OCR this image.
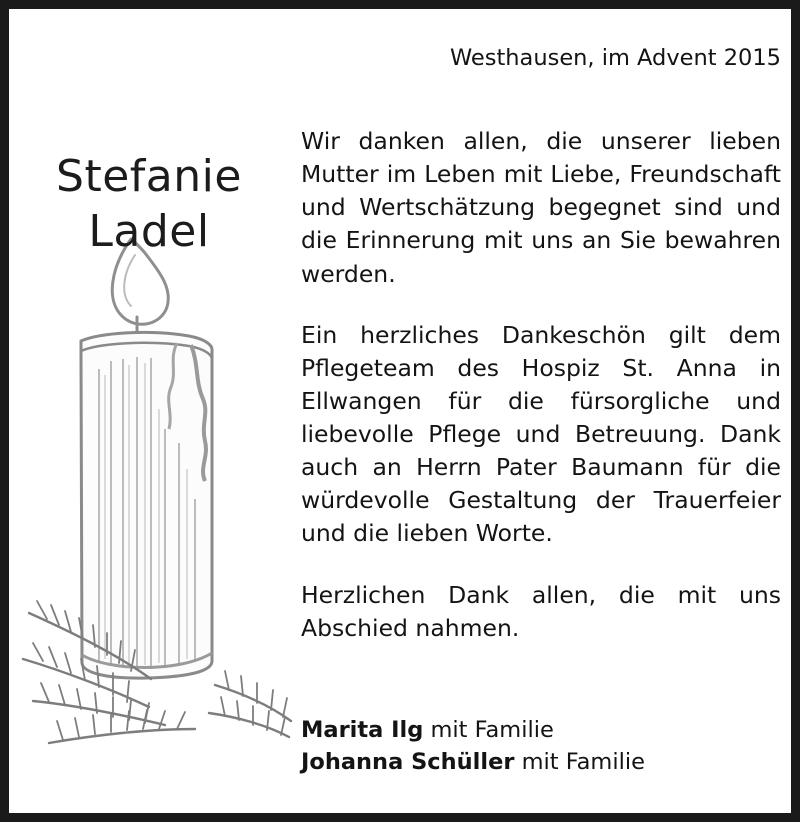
Stefanie
Ladel
Westhausen, im Advent 2015

Wir danken allen, die unserer lieben Mutter im Leben mit Liebe, Freundschaft und Wertschätzung begegnet sind und die Erinnerung mit uns an Sie bewahren werden.

Ein herzliches Dankeschön gilt dem Pflegeteam des Hospiz St. Anna in Ellwangen für die fürsorgliche und liebevolle Pflege und Betreuung. Dank auch an Herrn Pater Baumann für die würdevolle Gestaltung der Trauerfeier und die lieben Worte.

Herzlichen Dank allen, die mit uns Abschied nahmen.

Marita Ilg mit Familie
Johanna Schüller mit Familie
